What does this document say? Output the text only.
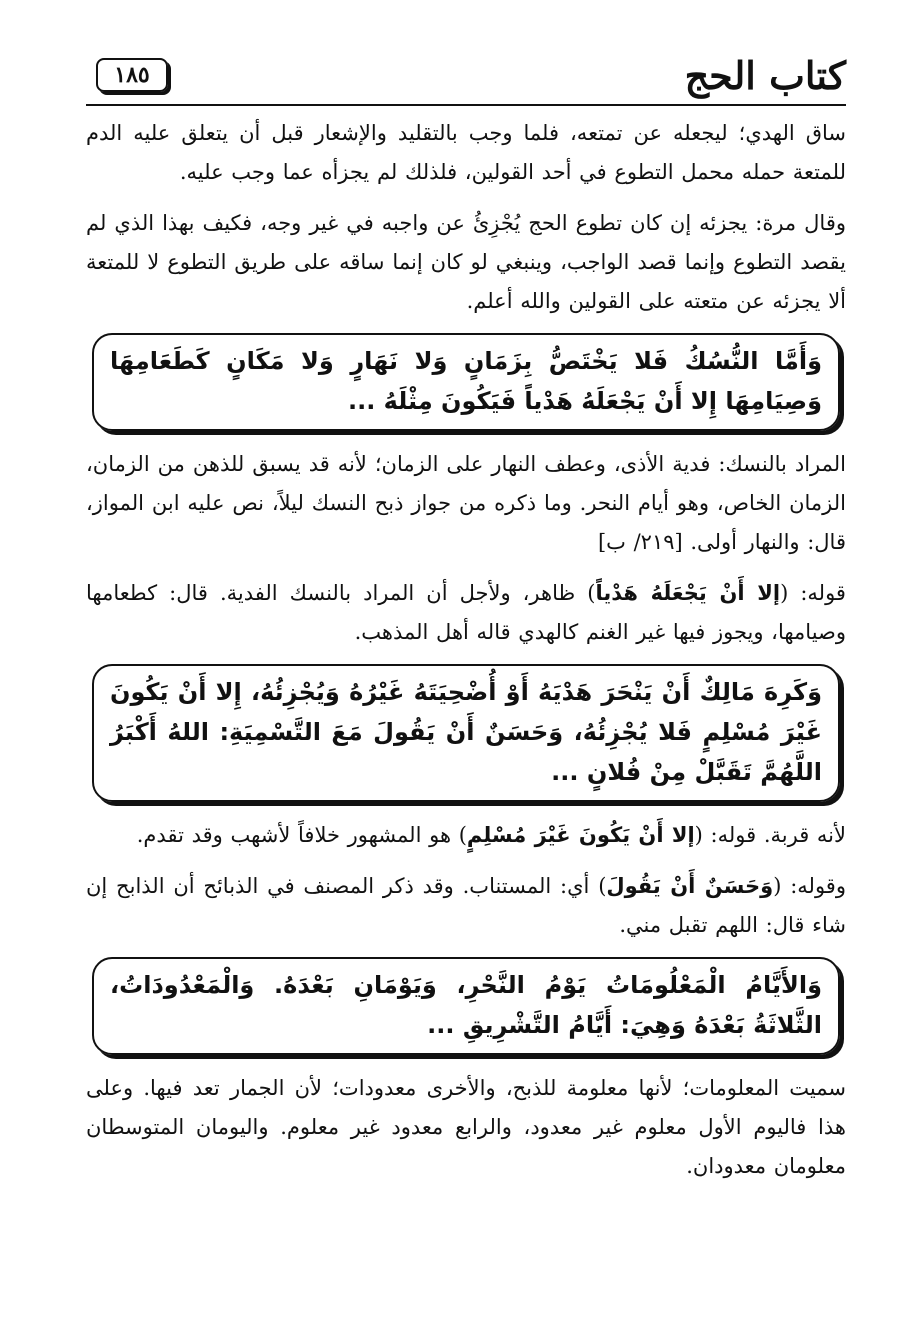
كتاب الحج
١٨٥

ساق الهدي؛ ليجعله عن تمتعه، فلما وجب بالتقليد والإشعار قبل أن يتعلق عليه الدم للمتعة حمله محمل التطوع في أحد القولين، فلذلك لم يجزأه عما وجب عليه.

وقال مرة: يجزئه إن كان تطوع الحج يُجْزِئُ عن واجبه في غير وجه، فكيف بهذا الذي لم يقصد التطوع وإنما قصد الواجب، وينبغي لو كان إنما ساقه على طريق التطوع لا للمتعة ألا يجزئه عن متعته على القولين والله أعلم.

وَأَمَّا النُّسُكُ فَلا يَخْتَصُّ بِزَمَانٍ وَلا نَهَارٍ وَلا مَكَانٍ كَطَعَامِهَا وَصِيَامِهَا إِلا أَنْ يَجْعَلَهُ هَدْياً فَيَكُونَ مِثْلَهُ ...

المراد بالنسك: فدية الأذى، وعطف النهار على الزمان؛ لأنه قد يسبق للذهن من الزمان، الزمان الخاص، وهو أيام النحر. وما ذكره من جواز ذبح النسك ليلاً، نص عليه ابن المواز، قال: والنهار أولى. [٢١٩/ ب]

قوله: (إلا أَنْ يَجْعَلَهُ هَدْياً) ظاهر، ولأجل أن المراد بالنسك الفدية. قال: كطعامها وصيامها، ويجوز فيها غير الغنم كالهدي قاله أهل المذهب.

وَكَرِهَ مَالِكٌ أَنْ يَنْحَرَ هَدْيَهُ أَوْ أُضْحِيَتَهُ غَيْرُهُ وَيُجْزِئُهُ، إِلا أَنْ يَكُونَ غَيْرَ مُسْلِمٍ فَلا يُجْزِئُهُ، وَحَسَنٌ أَنْ يَقُولَ مَعَ التَّسْمِيَةِ: اللهُ أَكْبَرُ اللَّهُمَّ تَقَبَّلْ مِنْ فُلانٍ ...

لأنه قربة. قوله: (إلا أَنْ يَكُونَ غَيْرَ مُسْلِمٍ) هو المشهور خلافاً لأشهب وقد تقدم.

وقوله: (وَحَسَنٌ أَنْ يَقُولَ) أي: المستناب. وقد ذكر المصنف في الذبائح أن الذابح إن شاء قال: اللهم تقبل مني.

وَالأَيَّامُ الْمَعْلُومَاتُ يَوْمُ النَّحْرِ، وَيَوْمَانِ بَعْدَهُ. وَالْمَعْدُودَاتُ، الثَّلاثَةُ بَعْدَهُ وَهِيَ: أَيَّامُ التَّشْرِيقِ ...

سميت المعلومات؛ لأنها معلومة للذبح، والأخرى معدودات؛ لأن الجمار تعد فيها. وعلى هذا فاليوم الأول معلوم غير معدود، والرابع معدود غير معلوم. واليومان المتوسطان معلومان معدودان.
